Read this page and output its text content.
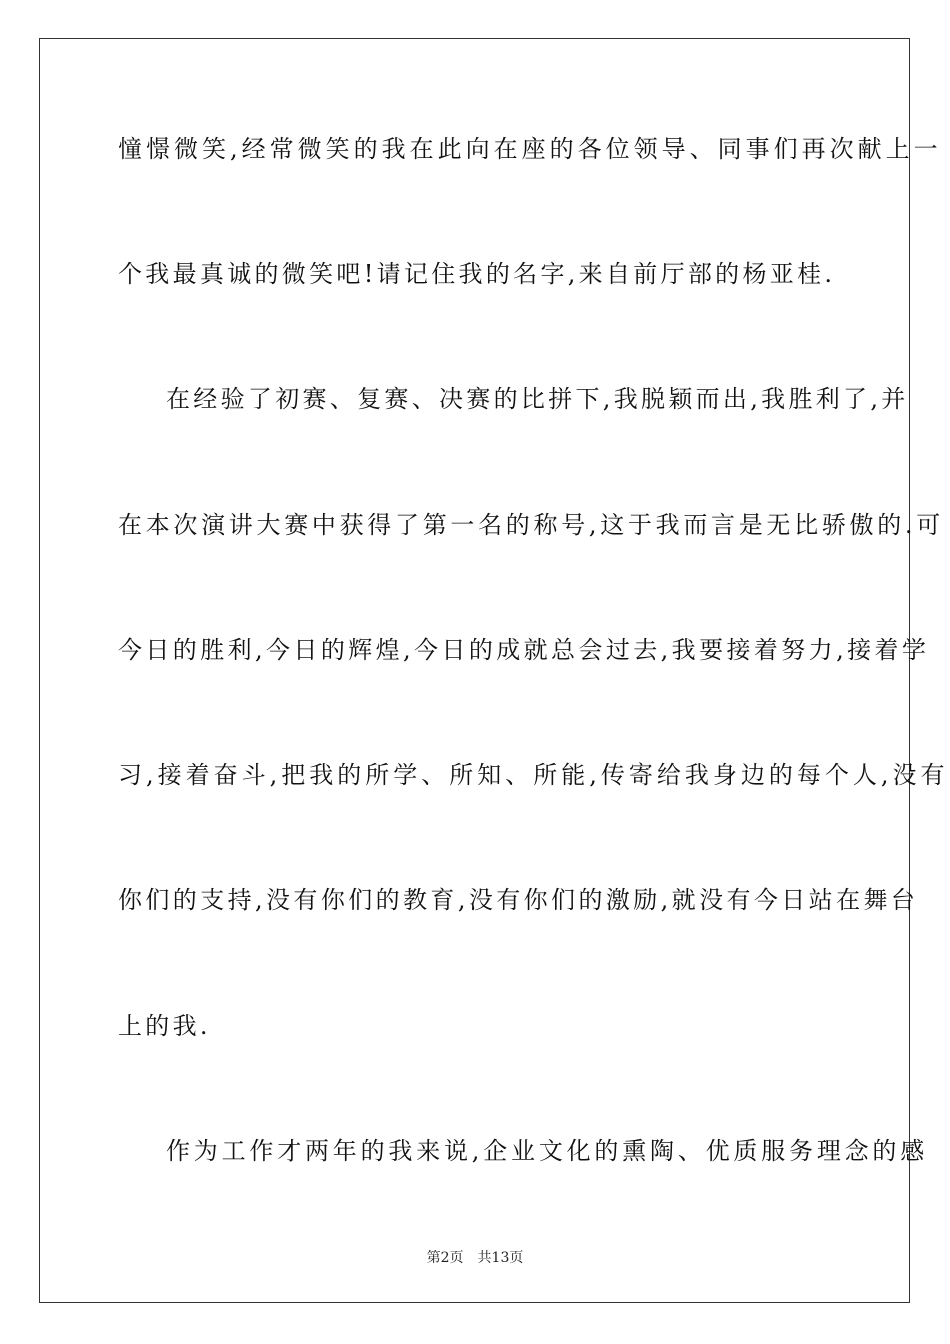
憧憬微笑,经常微笑的我在此向在座的各位领导、同事们再次献上一
个我最真诚的微笑吧!请记住我的名字,来自前厅部的杨亚桂.
在经验了初赛、复赛、决赛的比拼下,我脱颖而出,我胜利了,并
在本次演讲大赛中获得了第一名的称号,这于我而言是无比骄傲的.可
今日的胜利,今日的辉煌,今日的成就总会过去,我要接着努力,接着学
习,接着奋斗,把我的所学、所知、所能,传寄给我身边的每个人,没有
你们的支持,没有你们的教育,没有你们的激励,就没有今日站在舞台
上的我.
作为工作才两年的我来说,企业文化的熏陶、优质服务理念的感
第2页 共13页
